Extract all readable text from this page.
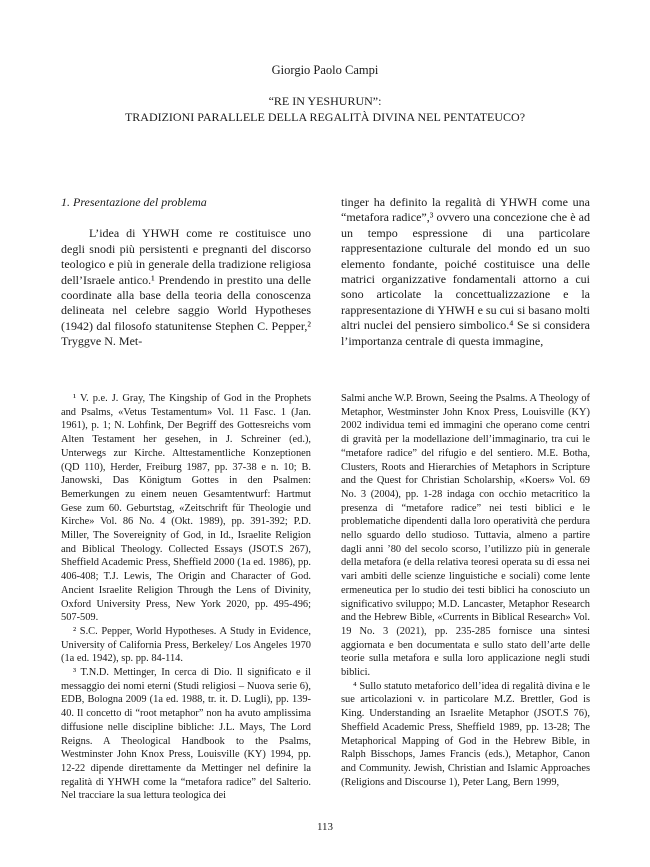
Giorgio Paolo Campi
“RE IN YESHURUN”:
TRADIZIONI PARALLELE DELLA REGALITÀ DIVINA NEL PENTATEUCO?

1. Presentazione del problema

L’idea di YHWH come re costituisce uno degli snodi più persistenti e pregnanti del discorso teologico e più in generale della tradizione religiosa dell’Israele antico.¹ Prendendo in prestito una delle coordinate alla base della teoria della conoscenza delineata nel celebre saggio World Hypotheses (1942) dal filosofo statunitense Stephen C. Pepper,² Tryggve N. Met-

tinger ha definito la regalità di YHWH come una “metafora radice”,³ ovvero una concezione che è ad un tempo espressione di una particolare rappresentazione culturale del mondo ed un suo elemento fondante, poiché costituisce una delle matrici organizzative fondamentali attorno a cui sono articolate la concettualizzazione e la rappresentazione di YHWH e su cui si basano molti altri nuclei del pensiero simbolico.⁴ Se si considera l’importanza centrale di questa immagine,

¹ V. p.e. J. Gray, The Kingship of God in the Prophets and Psalms, «Vetus Testamentum» Vol. 11 Fasc. 1 (Jan. 1961), p. 1; N. Lohfink, Der Begriff des Gottesreichs vom Alten Testament her gesehen, in J. Schreiner (ed.), Unterwegs zur Kirche. Alttestamentliche Konzeptionen (QD 110), Herder, Freiburg 1987, pp. 37-38 e n. 10; B. Janowski, Das Königtum Gottes in den Psalmen: Bemerkungen zu einem neuen Gesamtentwurf: Hartmut Gese zum 60. Geburtstag, «Zeitschrift für Theologie und Kirche» Vol. 86 No. 4 (Okt. 1989), pp. 391-392; P.D. Miller, The Sovereignity of God, in Id., Israelite Religion and Biblical Theology. Collected Essays (JSOT.S 267), Sheffield Academic Press, Sheffield 2000 (1a ed. 1986), pp. 406-408; T.J. Lewis, The Origin and Character of God. Ancient Israelite Religion Through the Lens of Divinity, Oxford University Press, New York 2020, pp. 495-496; 507-509.

² S.C. Pepper, World Hypotheses. A Study in Evidence, University of California Press, Berkeley/ Los Angeles 1970 (1a ed. 1942), sp. pp. 84-114.

³ T.N.D. Mettinger, In cerca di Dio. Il significato e il messaggio dei nomi eterni (Studi religiosi – Nuova serie 6), EDB, Bologna 2009 (1a ed. 1988, tr. it. D. Lugli), pp. 139-40. Il concetto di “root metaphor” non ha avuto amplissima diffusione nelle discipline bibliche: J.L. Mays, The Lord Reigns. A Theological Handbook to the Psalms, Westminster John Knox Press, Louisville (KY) 1994, pp. 12-22 dipende direttamente da Mettinger nel definire la regalità di YHWH come la “metafora radice” del Salterio. Nel tracciare la sua lettura teologica dei

Salmi anche W.P. Brown, Seeing the Psalms. A Theology of Metaphor, Westminster John Knox Press, Louisville (KY) 2002 individua temi ed immagini che operano come centri di gravità per la modellazione dell’immaginario, tra cui le “metafore radice” del rifugio e del sentiero. M.E. Botha, Clusters, Roots and Hierarchies of Metaphors in Scripture and the Quest for Christian Scholarship, «Koers» Vol. 69 No. 3 (2004), pp. 1-28 indaga con occhio metacritico la presenza di “metafore radice” nei testi biblici e le problematiche dipendenti dalla loro operatività che perdura nello sguardo dello studioso. Tuttavia, almeno a partire dagli anni ’80 del secolo scorso, l’utilizzo più in generale della metafora (e della relativa teoresi operata su di essa nei vari ambiti delle scienze linguistiche e sociali) come lente ermeneutica per lo studio dei testi biblici ha conosciuto un significativo sviluppo; M.D. Lancaster, Metaphor Research and the Hebrew Bible, «Currents in Biblical Research» Vol. 19 No. 3 (2021), pp. 235-285 fornisce una sintesi aggiornata e ben documentata e sullo stato dell’arte delle teorie sulla metafora e sulla loro applicazione negli studi biblici.

⁴ Sullo statuto metaforico dell’idea di regalità divina e le sue articolazioni v. in particolare M.Z. Brettler, God is King. Understanding an Israelite Metaphor (JSOT.S 76), Sheffield Academic Press, Sheffield 1989, pp. 13-28; The Metaphorical Mapping of God in the Hebrew Bible, in Ralph Bisschops, James Francis (eds.), Metaphor, Canon and Community. Jewish, Christian and Islamic Approaches (Religions and Discourse 1), Peter Lang, Bern 1999,

113
